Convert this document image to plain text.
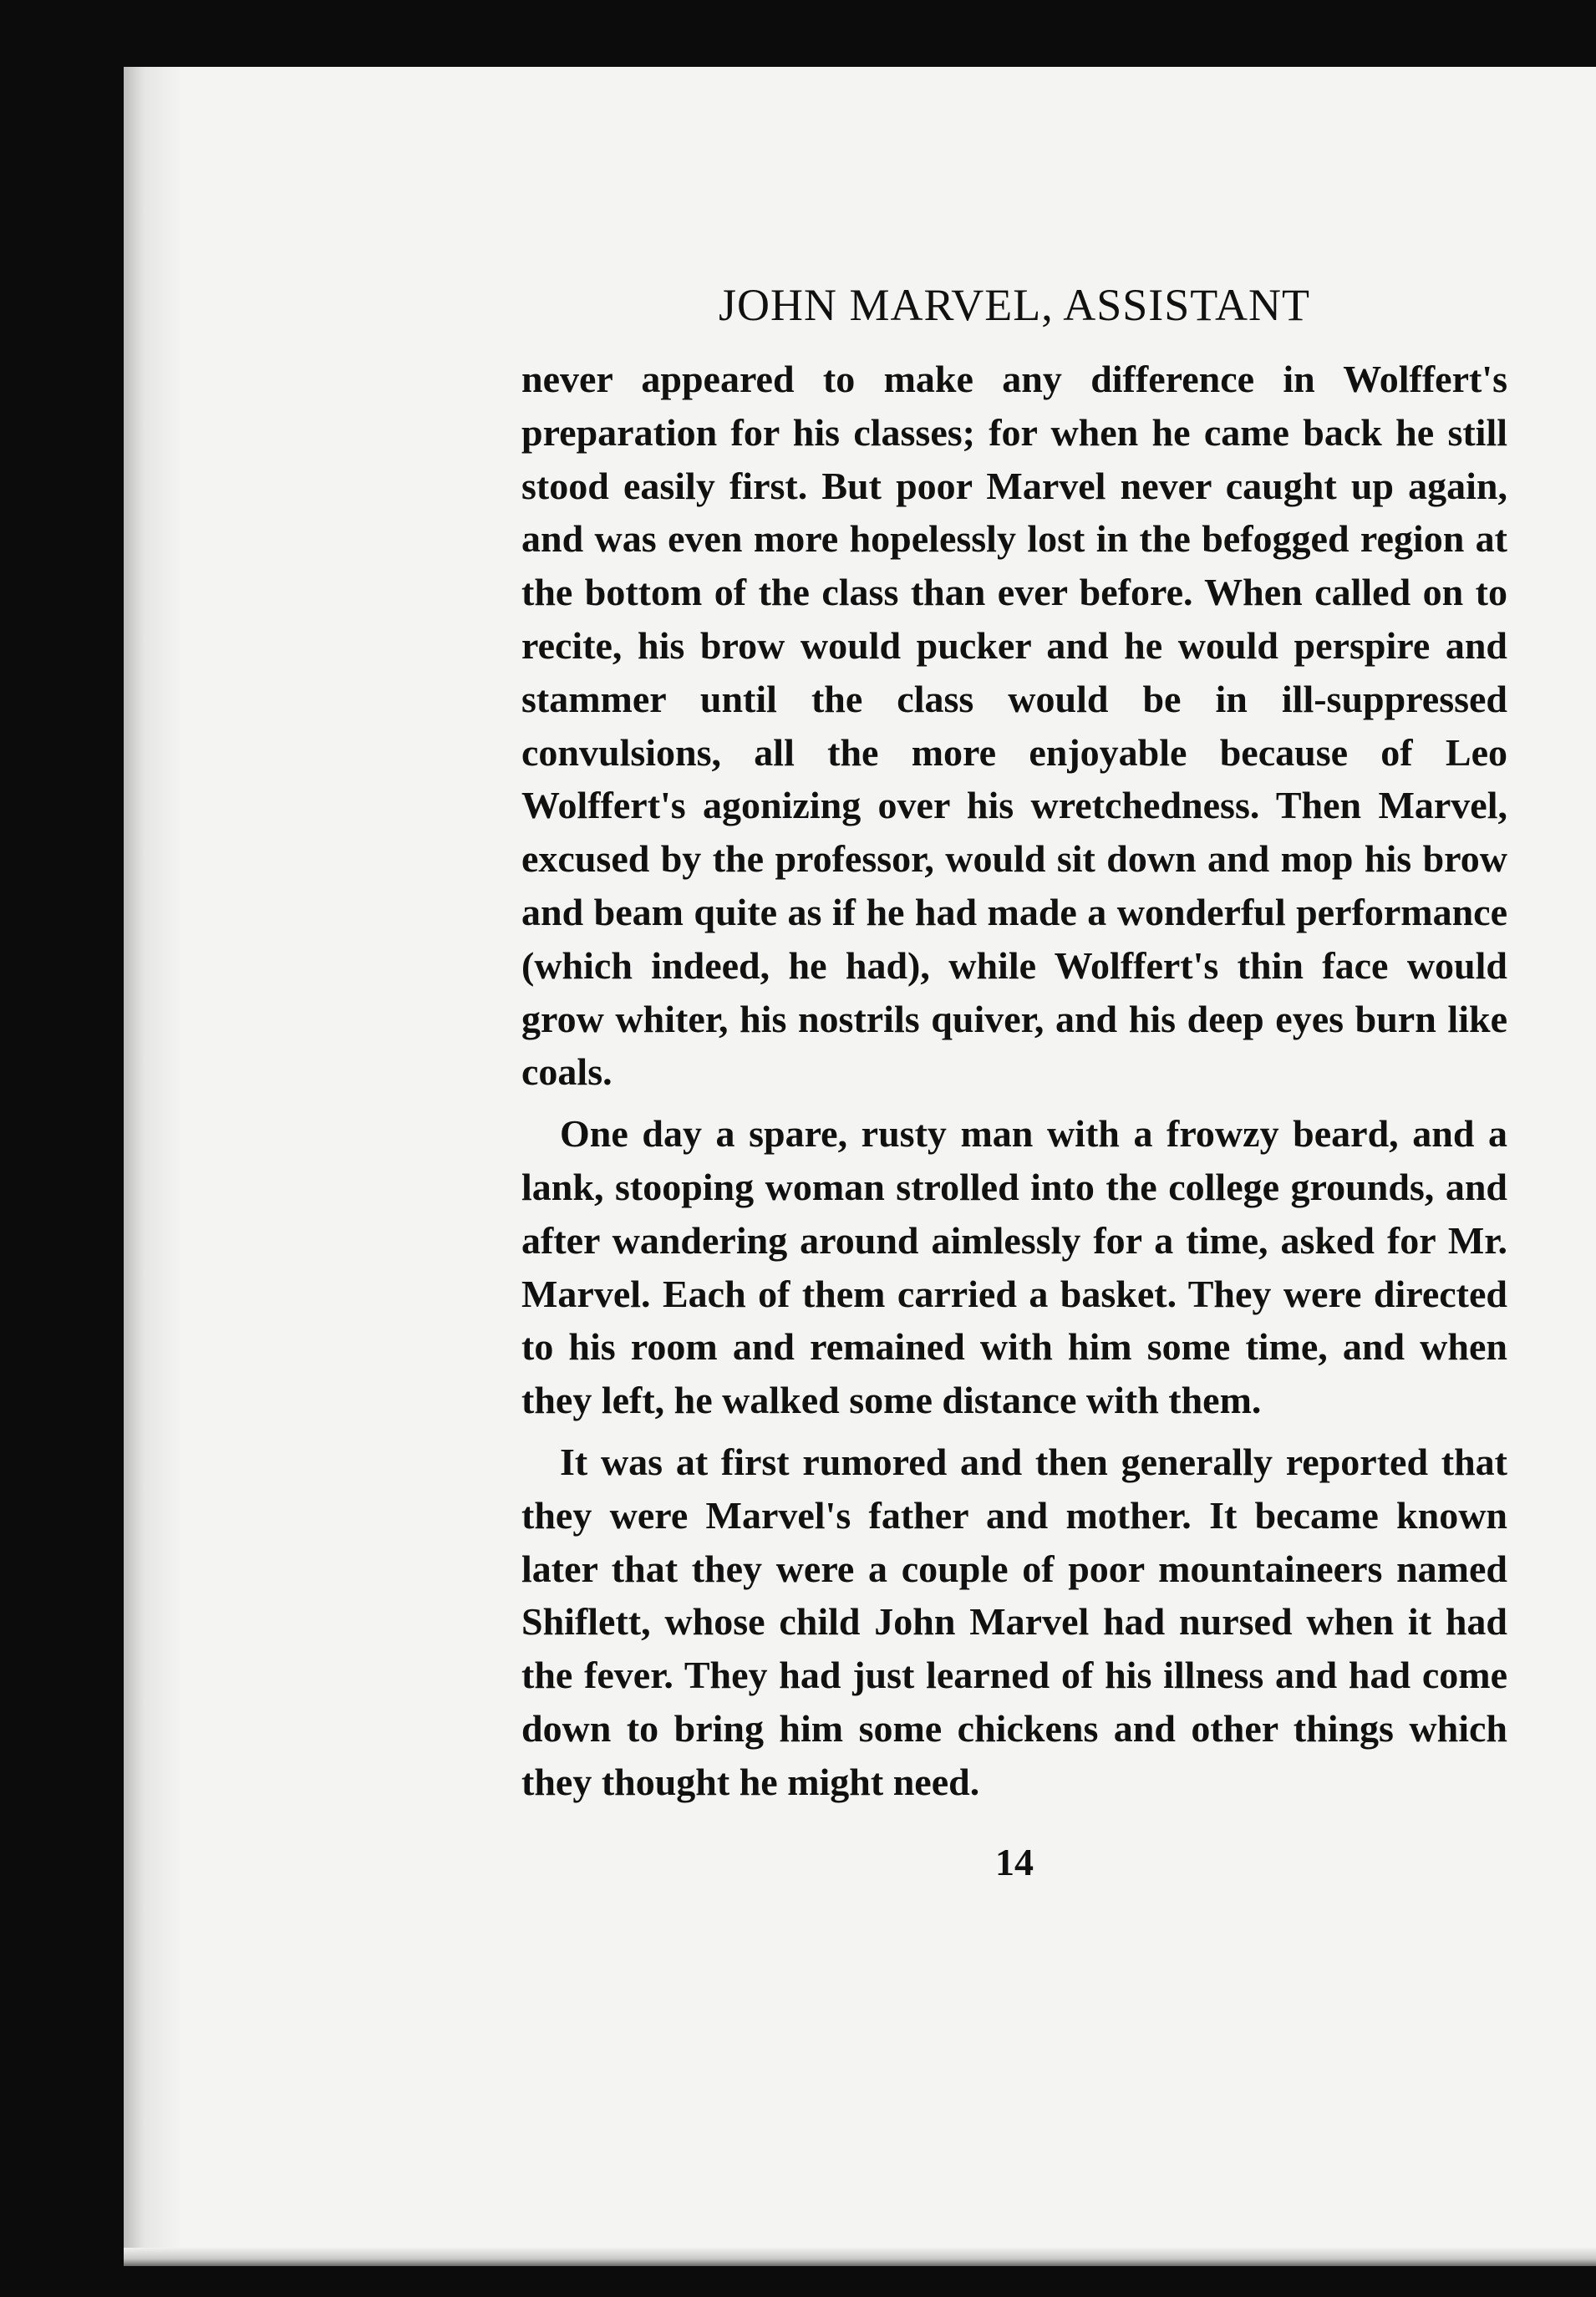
JOHN MARVEL, ASSISTANT

never appeared to make any difference in Wolffert's preparation for his classes; for when he came back he still stood easily first. But poor Marvel never caught up again, and was even more hopelessly lost in the befogged region at the bottom of the class than ever before. When called on to recite, his brow would pucker and he would perspire and stammer until the class would be in ill-suppressed convulsions, all the more enjoyable because of Leo Wolffert's agonizing over his wretchedness. Then Marvel, excused by the professor, would sit down and mop his brow and beam quite as if he had made a wonderful performance (which indeed, he had), while Wolffert's thin face would grow whiter, his nostrils quiver, and his deep eyes burn like coals.

One day a spare, rusty man with a frowzy beard, and a lank, stooping woman strolled into the college grounds, and after wandering around aimlessly for a time, asked for Mr. Marvel. Each of them carried a basket. They were directed to his room and remained with him some time, and when they left, he walked some distance with them.

It was at first rumored and then generally reported that they were Marvel's father and mother. It became known later that they were a couple of poor mountaineers named Shiflett, whose child John Marvel had nursed when it had the fever. They had just learned of his illness and had come down to bring him some chickens and other things which they thought he might need.

14
